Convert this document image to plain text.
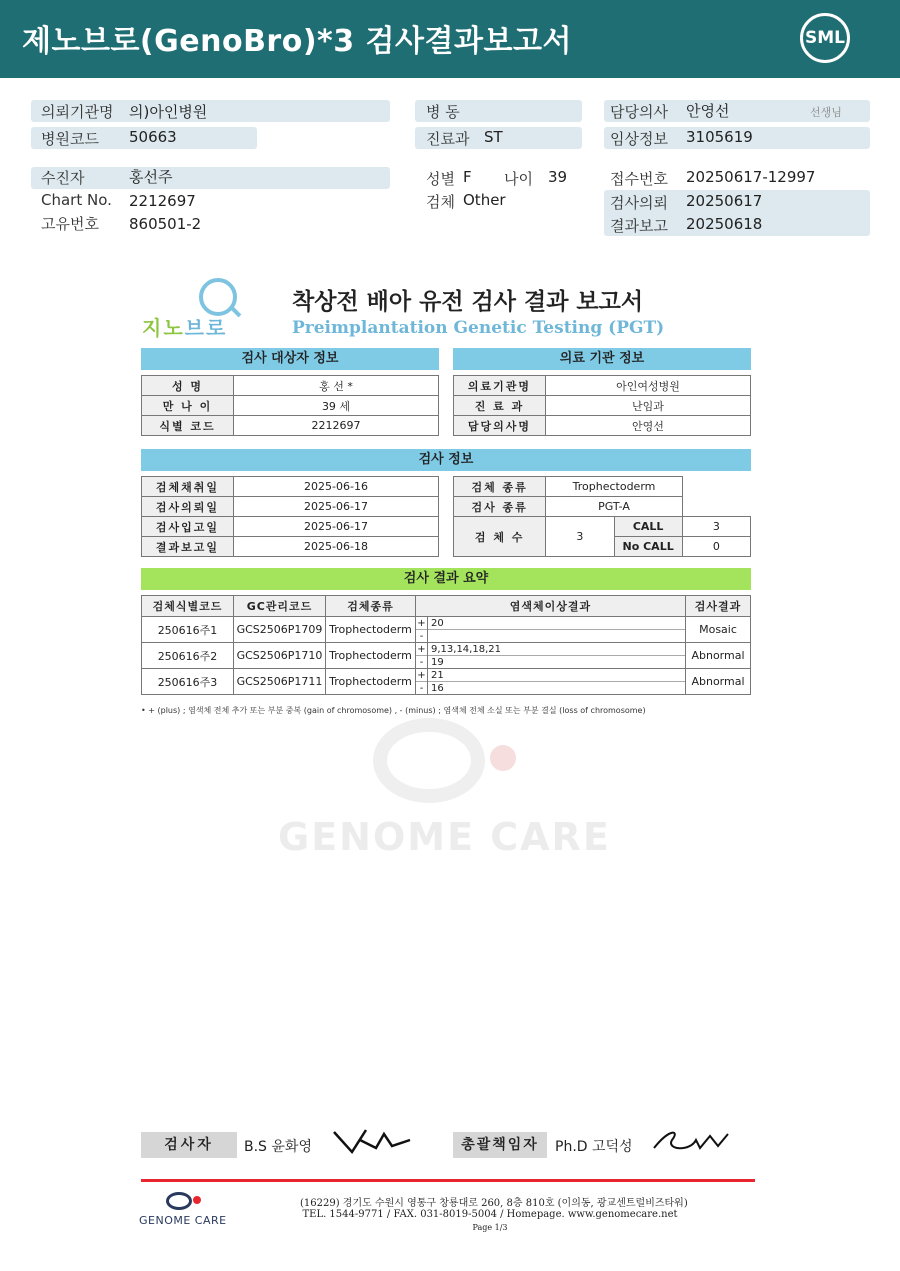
제노브로(GenoBro)*3 검사결과보고서	SML
의뢰기관명 의)아인병원
병원코드 50663
병 동
진료과 ST
담당의사 안영선	선생님
임상정보 3105619
수진자	홍선주
Chart No. 2212697
고유번호 860501-2
성별 F 나이 39
검체 Other
접수번호 20250617-12997
검사의뢰 20250617
결과보고 20250618
지노브로
착상전 배아 유전 검사 결과 보고서
Preimplantation Genetic Testing (PGT)
검사 대상자 정보	의료 기관 정보
성 명	홍 선 *
만 나 이	39 세
식별 코드	2212697
의료기관명	아인여성병원
진 료 과	난임과
담당의사명	안영선
검사 정보
검체채취일	2025-06-16
검사의뢰일	2025-06-17
검사입고일	2025-06-17
결과보고일	2025-06-18
검체 종류	Trophectoderm		
검사 종류	PGT-A		
검 체 수	3	CALL	3
		No CALL	0
검사 결과 요약
검체식별코드	GC관리코드	검체종류	염색체이상결과	검사결과
250616주1	GCS2506P1709	Trophectoderm	+ 20
-	Mosaic
250616주2	GCS2506P1710	Trophectoderm	+ 9,13,14,18,21
- 19	Abnormal
250616주3	GCS2506P1711	Trophectoderm	+ 21
- 16	Abnormal
• + (plus) ; 염색체 전체 추가 또는 부분 중복 (gain of chromosome) , - (minus) ; 염색체 전체 소실 또는 부분 결실 (loss of chromosome)
GENOME CARE
검사자	B.S 윤화영	총괄책임자	Ph.D 고덕성
GENOME CARE
(16229) 경기도 수원시 영통구 창룡대로 260, 8층 810호 (이의동, 광교센트럴비즈타워)
TEL. 1544-9771 / FAX. 031-8019-5004 / Homepage. www.genomecare.net
Page 1/3
